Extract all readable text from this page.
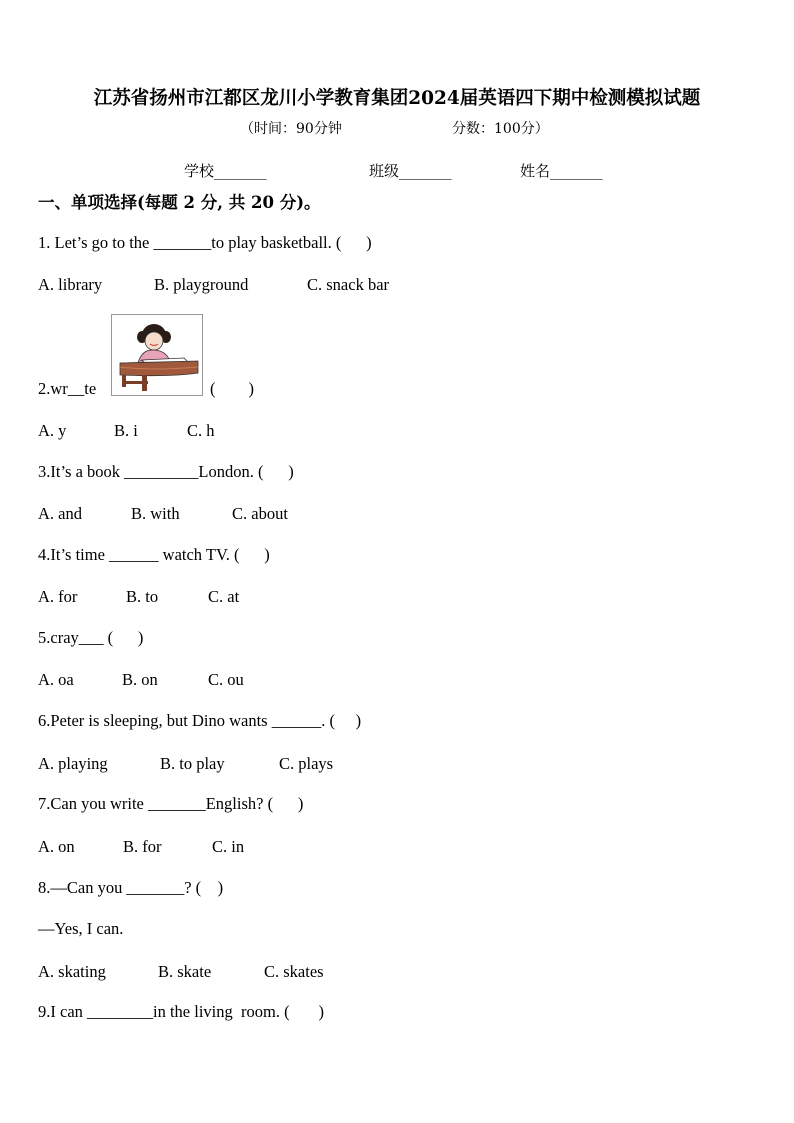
江苏省扬州市江都区龙川小学教育集团2024届英语四下期中检测模拟试题
（时间：90分钟	分数：100分）
学校_______	班级_______	姓名_______
一、单项选择(每题 2 分, 共 20 分)。
1. Let’s go to the _______to play basketball. (      )
A. library	B. playground	C. snack bar
2.wr__te	(        )
A. y	B. i	C. h
3.It’s a book _________London. (      )
A. and	B. with	C. about
4.It’s time ______ watch TV. (      )
A. for	B. to	C. at
5.cray___ (      )
A. oa	B. on	C. ou
6.Peter is sleeping, but Dino wants ______. (     )
A. playing	B. to play	C. plays
7.Can you write _______English? (      )
A. on	B. for	C. in
8.—Can you _______? (    )
—Yes, I can.
A. skating	B. skate	C. skates
9.I can ________in the living  room. (       )
